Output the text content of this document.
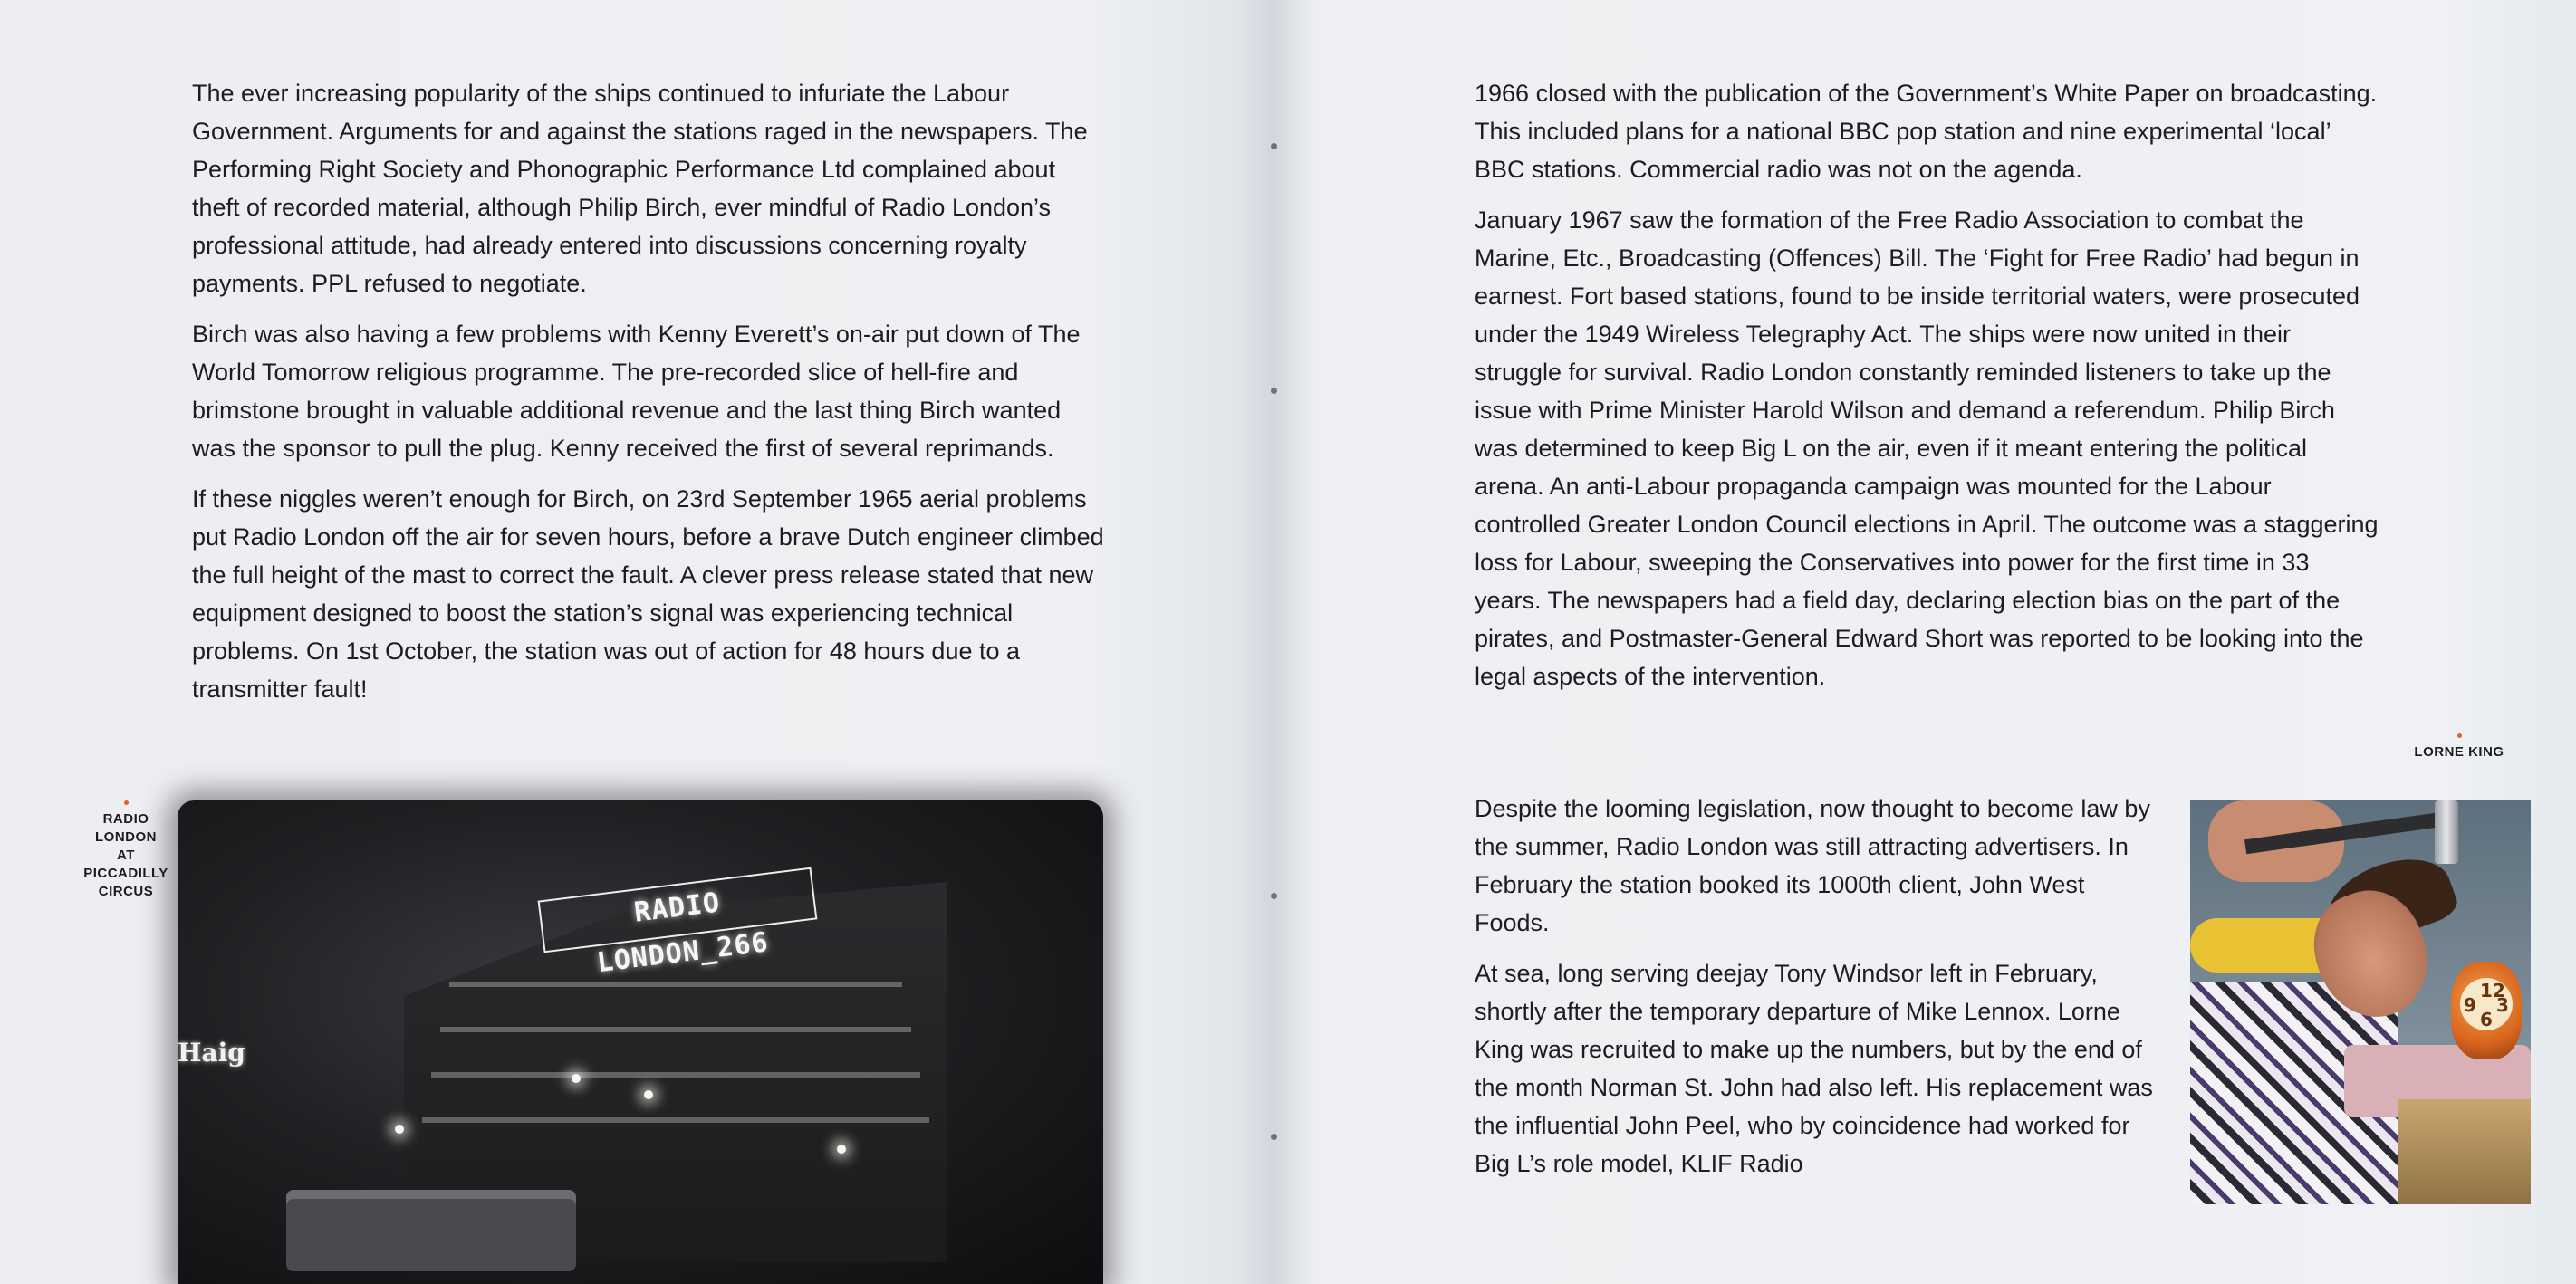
The ever increasing popularity of the ships continued to infuriate the Labour Government. Arguments for and against the stations raged in the newspapers. The Performing Right Society and Phonographic Performance Ltd complained about theft of recorded material, although Philip Birch, ever mindful of Radio London’s professional attitude, had already entered into discussions concerning royalty payments. PPL refused to negotiate.

Birch was also having a few problems with Kenny Everett’s on-air put down of The World Tomorrow religious programme. The pre-recorded slice of hell-fire and brimstone brought in valuable additional revenue and the last thing Birch wanted was the sponsor to pull the plug. Kenny received the first of several reprimands.

If these niggles weren’t enough for Birch, on 23rd September 1965 aerial problems put Radio London off the air for seven hours, before a brave Dutch engineer climbed the full height of the mast to correct the fault. A clever press release stated that new equipment designed to boost the station’s signal was experiencing technical problems. On 1st October, the station was out of action for 48 hours due to a transmitter fault!

RADIO
LONDON
AT
PICCADILLY
CIRCUS	RADIO LONDON_266
Haig

1966 closed with the publication of the Government’s White Paper on broadcasting. This included plans for a national BBC pop station and nine experimental ‘local’ BBC stations. Commercial radio was not on the agenda.

January 1967 saw the formation of the Free Radio Association to combat the Marine, Etc., Broadcasting (Offences) Bill. The ‘Fight for Free Radio’ had begun in earnest. Fort based stations, found to be inside territorial waters, were prosecuted under the 1949 Wireless Telegraphy Act. The ships were now united in their struggle for survival. Radio London constantly reminded listeners to take up the issue with Prime Minister Harold Wilson and demand a referendum. Philip Birch was determined to keep Big L on the air, even if it meant entering the political arena. An anti-Labour propaganda campaign was mounted for the Labour controlled Greater London Council elections in April. The outcome was a staggering loss for Labour, sweeping the Conservatives into power for the first time in 33 years. The newspapers had a field day, declaring election bias on the part of the pirates, and Postmaster-General Edward Short was reported to be looking into the legal aspects of the intervention.

LORNE KING

Despite the looming legislation, now thought to become law by the summer, Radio London was still attracting advertisers. In February the station booked its 1000th client, John West Foods.

At sea, long serving deejay Tony Windsor left in February, shortly after the temporary departure of Mike Lennox. Lorne King was recruited to make up the numbers, but by the end of the month Norman St. John had also left. His replacement was the influential John Peel, who by coincidence had worked for Big L’s role model, KLIF Radio

12
3
6
9
